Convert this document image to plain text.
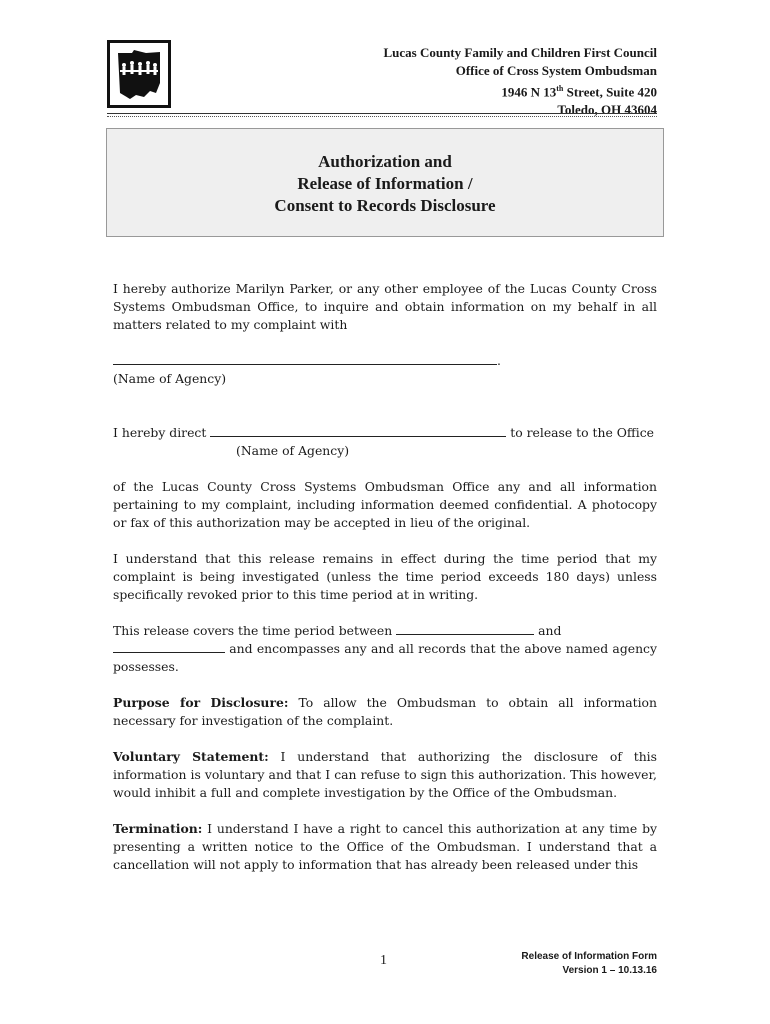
Lucas County Family and Children First Council
Office of Cross System Ombudsman
1946 N 13th Street, Suite 420
Toledo, OH 43604
Authorization and
Release of Information /
Consent to Records Disclosure

I hereby authorize Marilyn Parker, or any other employee of the Lucas County Cross Systems Ombudsman Office, to inquire and obtain information on my behalf in all matters related to my complaint with

.
(Name of Agency)
I hereby direct	to release to the Office
(Name of Agency)

of the Lucas County Cross Systems Ombudsman Office any and all information pertaining to my complaint, including information deemed confidential. A photocopy or fax of this authorization may be accepted in lieu of the original.

I understand that this release remains in effect during the time period that my complaint is being investigated (unless the time period exceeds 180 days) unless specifically revoked prior to this time period at in writing.

This release covers the time period between	and
and encompasses any and all records that the above named agency possesses.

Purpose for Disclosure: To allow the Ombudsman to obtain all information necessary for investigation of the complaint.

Voluntary Statement: I understand that authorizing the disclosure of this information is voluntary and that I can refuse to sign this authorization. This however, would inhibit a full and complete investigation by the Office of the Ombudsman.

Termination: I understand I have a right to cancel this authorization at any time by presenting a written notice to the Office of the Ombudsman. I understand that a cancellation will not apply to information that has already been released under this

1	Release of Information Form
Version 1 – 10.13.16
